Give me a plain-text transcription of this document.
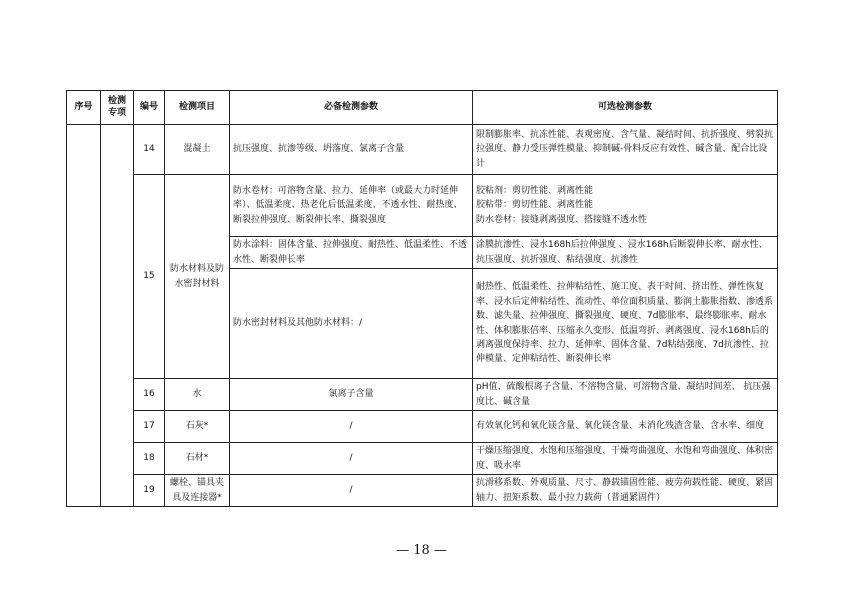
序号	检测专项	编号	检测项目	必备检测参数	可选检测参数
		14	混凝土	抗压强度、抗渗等级、坍落度、氯离子含量	限制膨胀率、抗冻性能、表观密度、含气量、凝结时间、抗折强度、劈裂抗拉强度、静力受压弹性模量、抑制碱-骨料反应有效性、碱含量、配合比设计
		15	防水材料及防水密封材料	防水卷材：可溶物含量、拉力、延伸率（或最大力时延伸率）、低温柔度、热老化后低温柔度、不透水性、耐热度、断裂拉伸强度、断裂伸长率、撕裂强度	胶粘剂：剪切性能、剥离性能
胶粘带：剪切性能、剥离性能
防水卷材：接缝剥离强度、搭接缝不透水性
				防水涂料：固体含量、拉伸强度、耐热性、低温柔性、不透水性、断裂伸长率	涂膜抗渗性、浸水168h后拉伸强度 、浸水168h后断裂伸长率、耐水性、抗压强度、抗折强度、粘结强度、抗渗性
				防水密封材料及其他防水材料：/	耐热性、低温柔性、拉伸粘结性、施工度、表干时间、挤出性、弹性恢复率、浸水后定伸粘结性、流动性、单位面积质量、膨润土膨胀指数、渗透系数、滤失量、拉伸强度、撕裂强度、硬度、7d膨胀率、最终膨胀率、耐水性、体积膨胀倍率、压缩永久变形、低温弯折、剥离强度、浸水168h后的剥离强度保持率、拉力、延伸率、固体含量、7d粘结强度、7d抗渗性、拉伸模量、定伸粘结性、断裂伸长率
		16	水	氯离子含量	pH值、硫酸根离子含量、不溶物含量、可溶物含量、凝结时间差、 抗压强度比、碱含量
		17	石灰*	/	有效氧化钙和氧化镁含量、氧化镁含量、未消化残渣含量、含水率、细度
		18	石材*	/	干燥压缩强度、水饱和压缩强度、干燥弯曲强度、水饱和弯曲强度、体积密度、吸水率
		19	螺栓、锚具夹具及连接器*	/	抗滑移系数、外观质量、尺寸、静载锚固性能、疲劳荷载性能、硬度、紧固轴力、扭矩系数、最小拉力载荷（普通紧固件）
— 18 —
